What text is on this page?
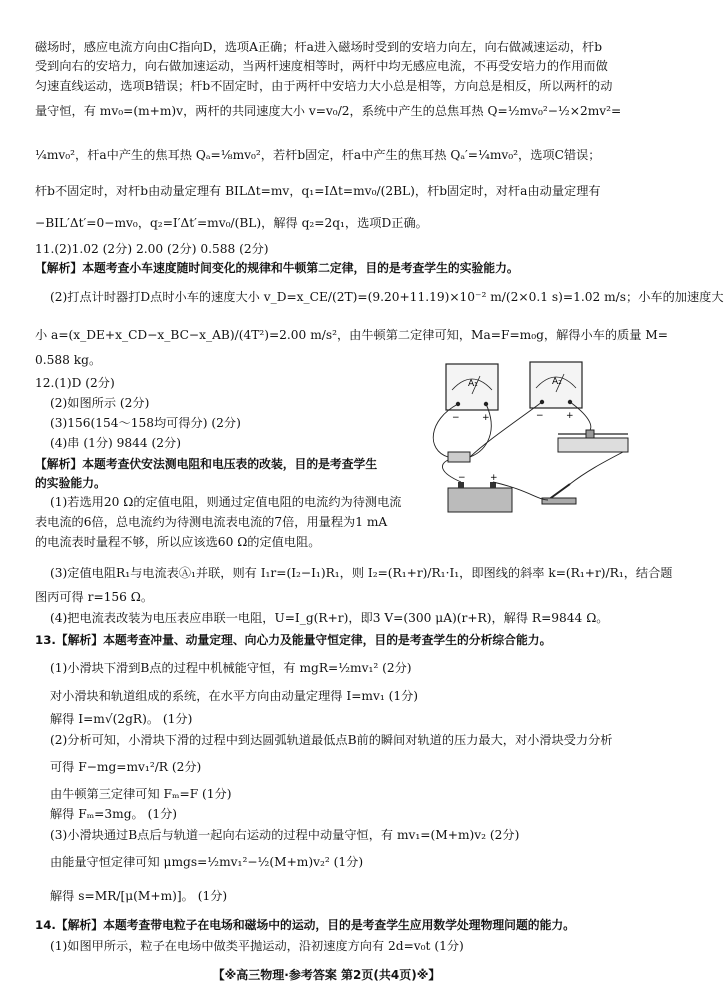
磁场时，感应电流方向由C指向D，选项A正确；杆a进入磁场时受到的安培力向左，向右做减速运动，杆b
受到向右的安培力，向右做加速运动，当两杆速度相等时，两杆中均无感应电流，不再受安培力的作用而做
匀速直线运动，选项B错误；杆b不固定时，由于两杆中安培力大小总是相等，方向总是相反，所以两杆的动
量守恒，有 mv₀=(m+m)v，两杆的共同速度大小 v=v₀/2，系统中产生的总焦耳热 Q=½mv₀²−½×2mv²=
¼mv₀²，杆a中产生的焦耳热 Qₐ=⅛mv₀²，若杆b固定，杆a中产生的焦耳热 Qₐ′=¼mv₀²，选项C错误；
杆b不固定时，对杆b由动量定理有 BILΔt=mv，q₁=IΔt=mv₀/(2BL)，杆b固定时，对杆a由动量定理有
−BIL′Δt′=0−mv₀，q₂=I′Δt′=mv₀/(BL)，解得 q₂=2q₁，选项D正确。
11.(2)1.02 (2分) 2.00 (2分) 0.588 (2分)
【解析】本题考查小车速度随时间变化的规律和牛顿第二定律，目的是考查学生的实验能力。
(2)打点计时器打D点时小车的速度大小 v_D=x_CE/(2T)=(9.20+11.19)×10⁻² m/(2×0.1 s)=1.02 m/s；小车的加速度大
小 a=(x_DE+x_CD−x_BC−x_AB)/(4T²)=2.00 m/s²，由牛顿第二定律可知，Ma=F=m₀g，解得小车的质量 M=
0.588 kg。
12.(1)D (2分)
(2)如图所示 (2分)
(3)156(154～158均可得分) (2分)
(4)串 (1分) 9844 (2分)
【解析】本题考查伏安法测电阻和电压表的改装，目的是考查学生
的实验能力。
(1)若选用20 Ω的定值电阻，则通过定值电阻的电流约为待测电流
表电流的6倍，总电流约为待测电流表电流的7倍，用量程为1 mA
的电流表时量程不够，所以应该选60 Ω的定值电阻。
(3)定值电阻R₁与电流表Ⓐ₁并联，则有 I₁r=(I₂−I₁)R₁，则 I₂=(R₁+r)/R₁·I₁，即图线的斜率 k=(R₁+r)/R₁，结合题
图丙可得 r=156 Ω。
(4)把电流表改装为电压表应串联一电阻，U=I_g(R+r)，即3 V=(300 μA)(r+R)，解得 R=9844 Ω。
13.【解析】本题考查冲量、动量定理、向心力及能量守恒定律，目的是考查学生的分析综合能力。
(1)小滑块下滑到B点的过程中机械能守恒，有 mgR=½mv₁² (2分)
对小滑块和轨道组成的系统，在水平方向由动量定理得 I=mv₁ (1分)
解得 I=m√(2gR)。 (1分)
(2)分析可知，小滑块下滑的过程中到达圆弧轨道最低点B前的瞬间对轨道的压力最大，对小滑块受力分析
可得 F−mg=mv₁²/R (2分)
由牛顿第三定律可知 Fₘ=F (1分)
解得 Fₘ=3mg。 (1分)
(3)小滑块通过B点后与轨道一起向右运动的过程中动量守恒，有 mv₁=(M+m)v₂ (2分)
由能量守恒定律可知 μmgs=½mv₁²−½(M+m)v₂² (1分)
解得 s=MR/[μ(M+m)]。 (1分)
14.【解析】本题考查带电粒子在电场和磁场中的运动，目的是考查学生应用数学处理物理问题的能力。
(1)如图甲所示，粒子在电场中做类平抛运动，沿初速度方向有 2d=v₀t (1分)
A₁	A₂
− +	− +
−	+
【※高三物理·参考答案 第2页(共4页)※】
